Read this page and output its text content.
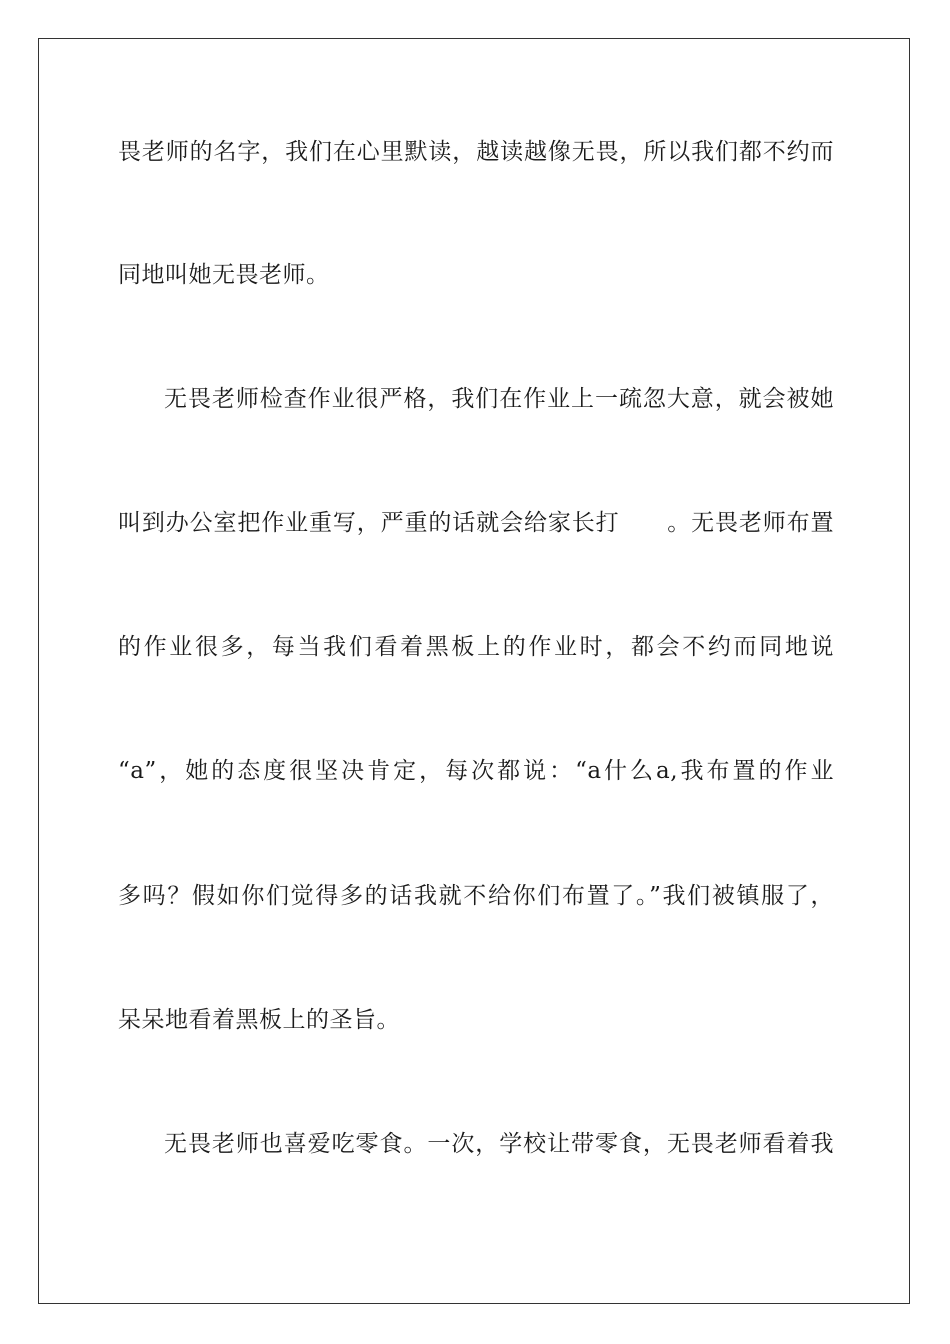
畏老师的名字，我们在心里默读，越读越像无畏，所以我们都不约而
同地叫她无畏老师。
无畏老师检查作业很严格，我们在作业上一疏忽大意，就会被她
叫到办公室把作业重写，严重的话就会给家长打　　。无畏老师布置
的作业很多，每当我们看着黑板上的作业时，都会不约而同地说
“a”，她的态度很坚决肯定，每次都说：“a什么a,我布置的作业
多吗？假如你们觉得多的话我就不给你们布置了。”我们被镇服了，
呆呆地看着黑板上的圣旨。
无畏老师也喜爱吃零食。一次，学校让带零食，无畏老师看着我
